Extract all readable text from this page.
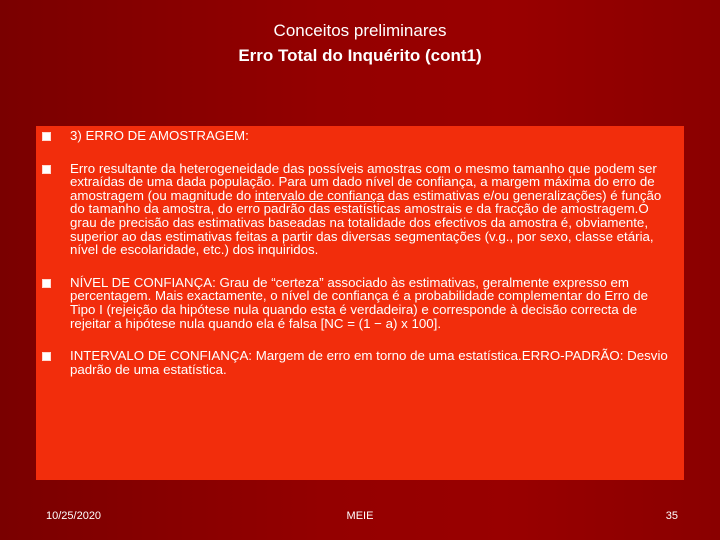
Conceitos preliminares
Erro Total do Inquérito (cont1)
3) ERRO DE AMOSTRAGEM:
Erro resultante da heterogeneidade das possíveis amostras com o mesmo tamanho que podem ser extraídas de uma dada população. Para um dado nível de confiança, a margem máxima do erro de amostragem (ou magnitude do intervalo de confiança das estimativas e/ou generalizações) é função do tamanho da amostra, do erro padrão das estatísticas amostrais e da fracção de amostragem.O grau de precisão das estimativas baseadas na totalidade dos efectivos da amostra é, obviamente, superior ao das estimativas feitas a partir das diversas segmentações (v.g., por sexo, classe etária, nível de escolaridade, etc.) dos inquiridos.
NÍVEL DE CONFIANÇA: Grau de “certeza” associado às estimativas, geralmente expresso em percentagem. Mais exactamente, o nível de confiança é a probabilidade complementar do Erro de Tipo I (rejeição da hipótese nula quando esta é verdadeira) e corresponde à decisão correcta de rejeitar a hipótese nula quando ela é falsa [NC = (1 − a) x 100].
INTERVALO DE CONFIANÇA: Margem de erro em torno de uma estatística.ERRO-PADRÃO: Desvio padrão de uma estatística.
10/25/2020	MEIE	35
